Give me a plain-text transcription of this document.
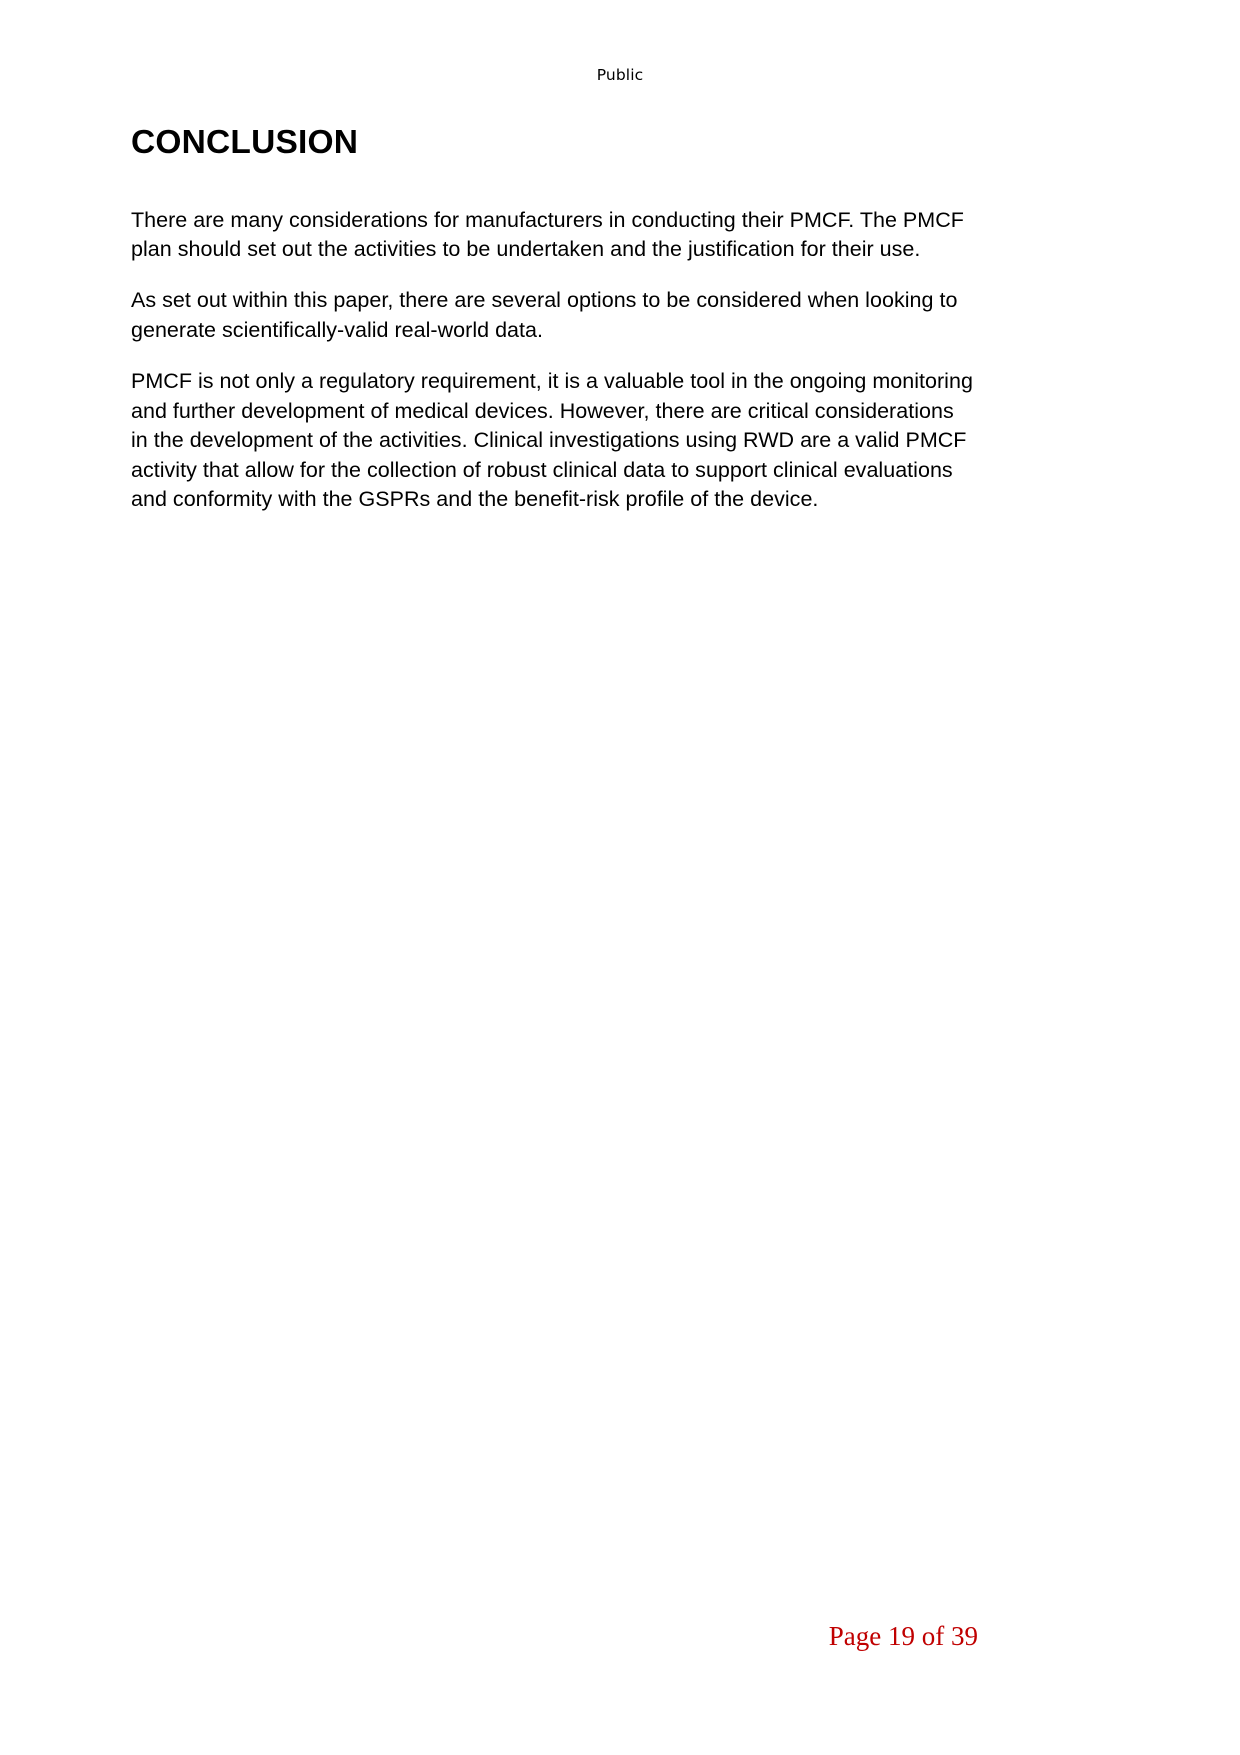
Public
CONCLUSION

There are many considerations for manufacturers in conducting their PMCF. The PMCF plan should set out the activities to be undertaken and the justification for their use.

As set out within this paper, there are several options to be considered when looking to generate scientifically-valid real-world data.

PMCF is not only a regulatory requirement, it is a valuable tool in the ongoing monitoring and further development of medical devices. However, there are critical considerations in the development of the activities. Clinical investigations using RWD are a valid PMCF activity that allow for the collection of robust clinical data to support clinical evaluations and conformity with the GSPRs and the benefit-risk profile of the device.

Page 19 of 39
